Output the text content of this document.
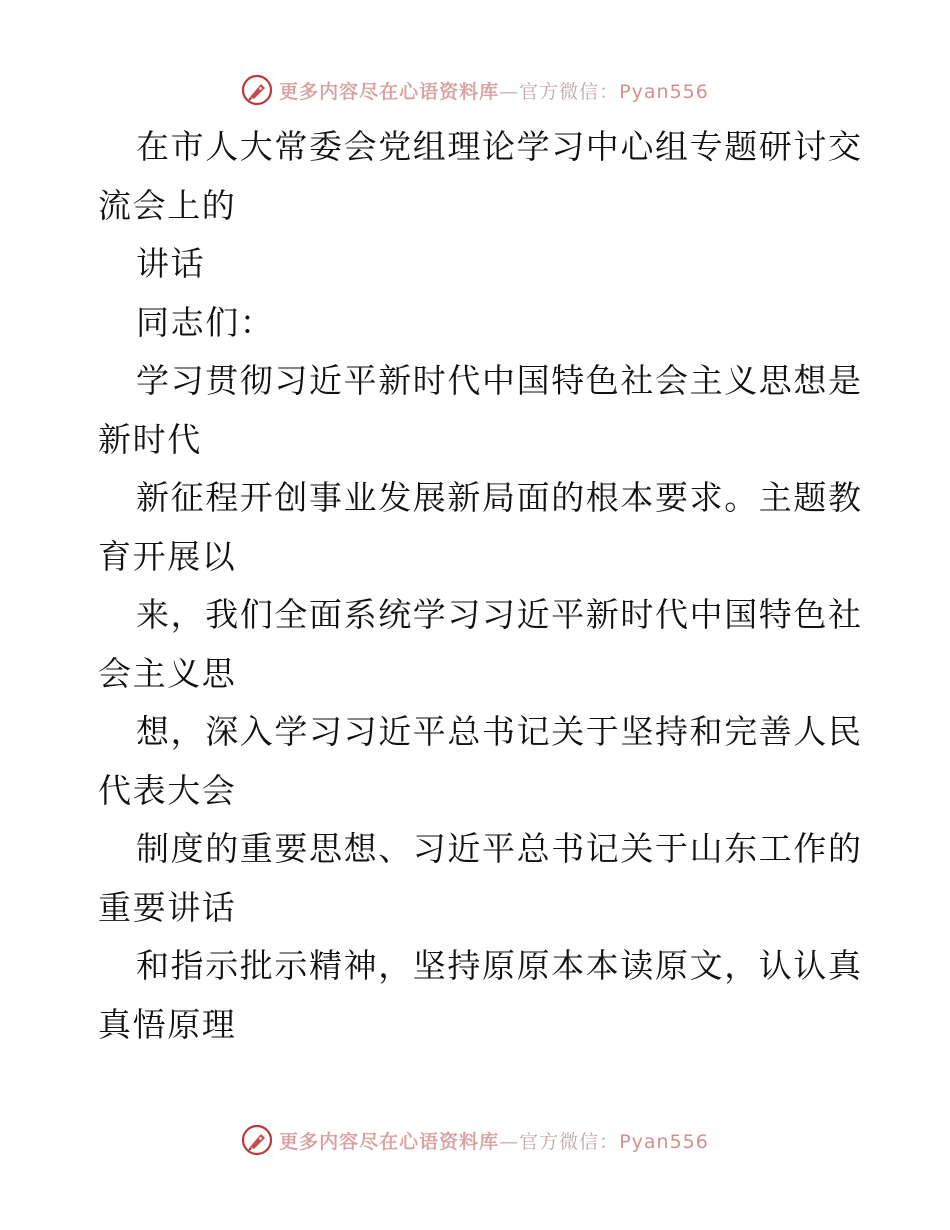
更多内容尽在心语资料库—官方微信：Pyan556
在市人大常委会党组理论学习中心组专题研讨交
流会上的
讲话
同志们：
学习贯彻习近平新时代中国特色社会主义思想是
新时代
新征程开创事业发展新局面的根本要求。主题教
育开展以
来，我们全面系统学习习近平新时代中国特色社
会主义思
想，深入学习习近平总书记关于坚持和完善人民
代表大会
制度的重要思想、习近平总书记关于山东工作的
重要讲话
和指示批示精神，坚持原原本本读原文，认认真
真悟原理
更多内容尽在心语资料库—官方微信：Pyan556
